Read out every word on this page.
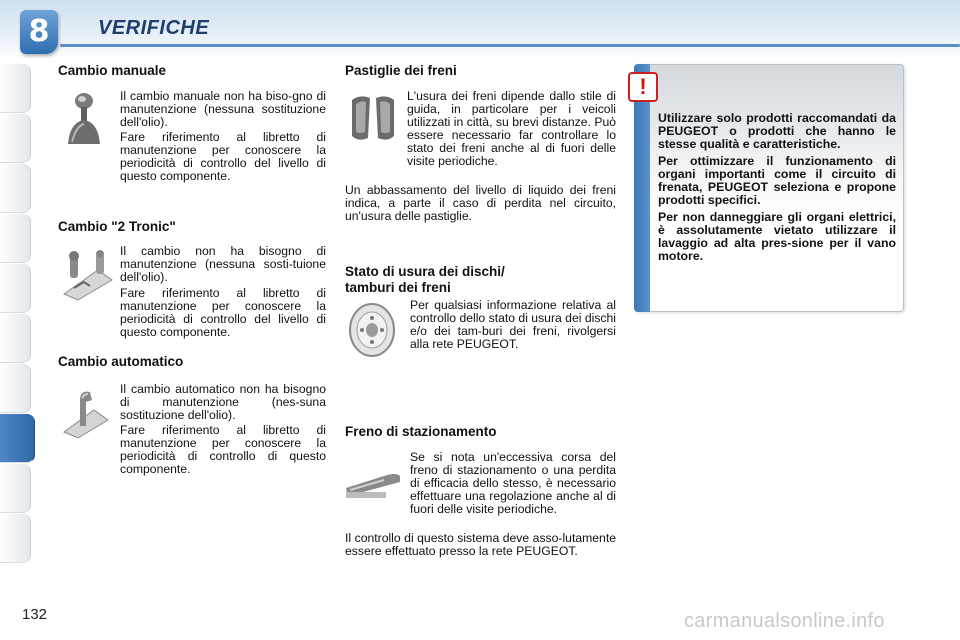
8	VERIFICHE
Cambio manuale

Il cambio manuale non ha biso-gno di manutenzione (nessuna sostituzione dell'olio).

Fare riferimento al libretto di manutenzione per conoscere la periodicità di controllo del livello di questo componente.

Cambio "2 Tronic"

Il cambio non ha bisogno di manutenzione (nessuna sosti-tuione dell'olio).

Fare riferimento al libretto di manutenzione per conoscere la periodicità di controllo del livello di questo componente.

Cambio automatico

Il cambio automatico non ha bisogno di manutenzione (nes-suna sostituzione dell'olio).

Fare riferimento al libretto di manutenzione per conoscere la periodicità di controllo di questo componente.

Pastiglie dei freni

L'usura dei freni dipende dallo stile di guida, in particolare per i veicoli utilizzati in città, su brevi distanze. Può essere necessario far controllare lo stato dei freni anche al di fuori delle visite periodiche.

Un abbassamento del livello di liquido dei freni indica, a parte il caso di perdita nel circuito, un'usura delle pastiglie.

Stato di usura dei dischi/
tamburi dei freni

Per qualsiasi informazione relativa al controllo dello stato di usura dei dischi e/o dei tam-buri dei freni, rivolgersi alla rete PEUGEOT.

Freno di stazionamento

Se si nota un'eccessiva corsa del freno di stazionamento o una perdita di efficacia dello stesso, è necessario effettuare una regolazione anche al di fuori delle visite periodiche.

Il controllo di questo sistema deve asso-lutamente essere effettuato presso la rete PEUGEOT.

!

Utilizzare solo prodotti raccomandati da PEUGEOT o prodotti che hanno le stesse qualità e caratteristiche.

Per ottimizzare il funzionamento di organi importanti come il circuito di frenata, PEUGEOT seleziona e propone prodotti specifici.

Per non danneggiare gli organi elettrici, è assolutamente vietato utilizzare il lavaggio ad alta pres-sione per il vano motore.

132	carmanualsonline.info
